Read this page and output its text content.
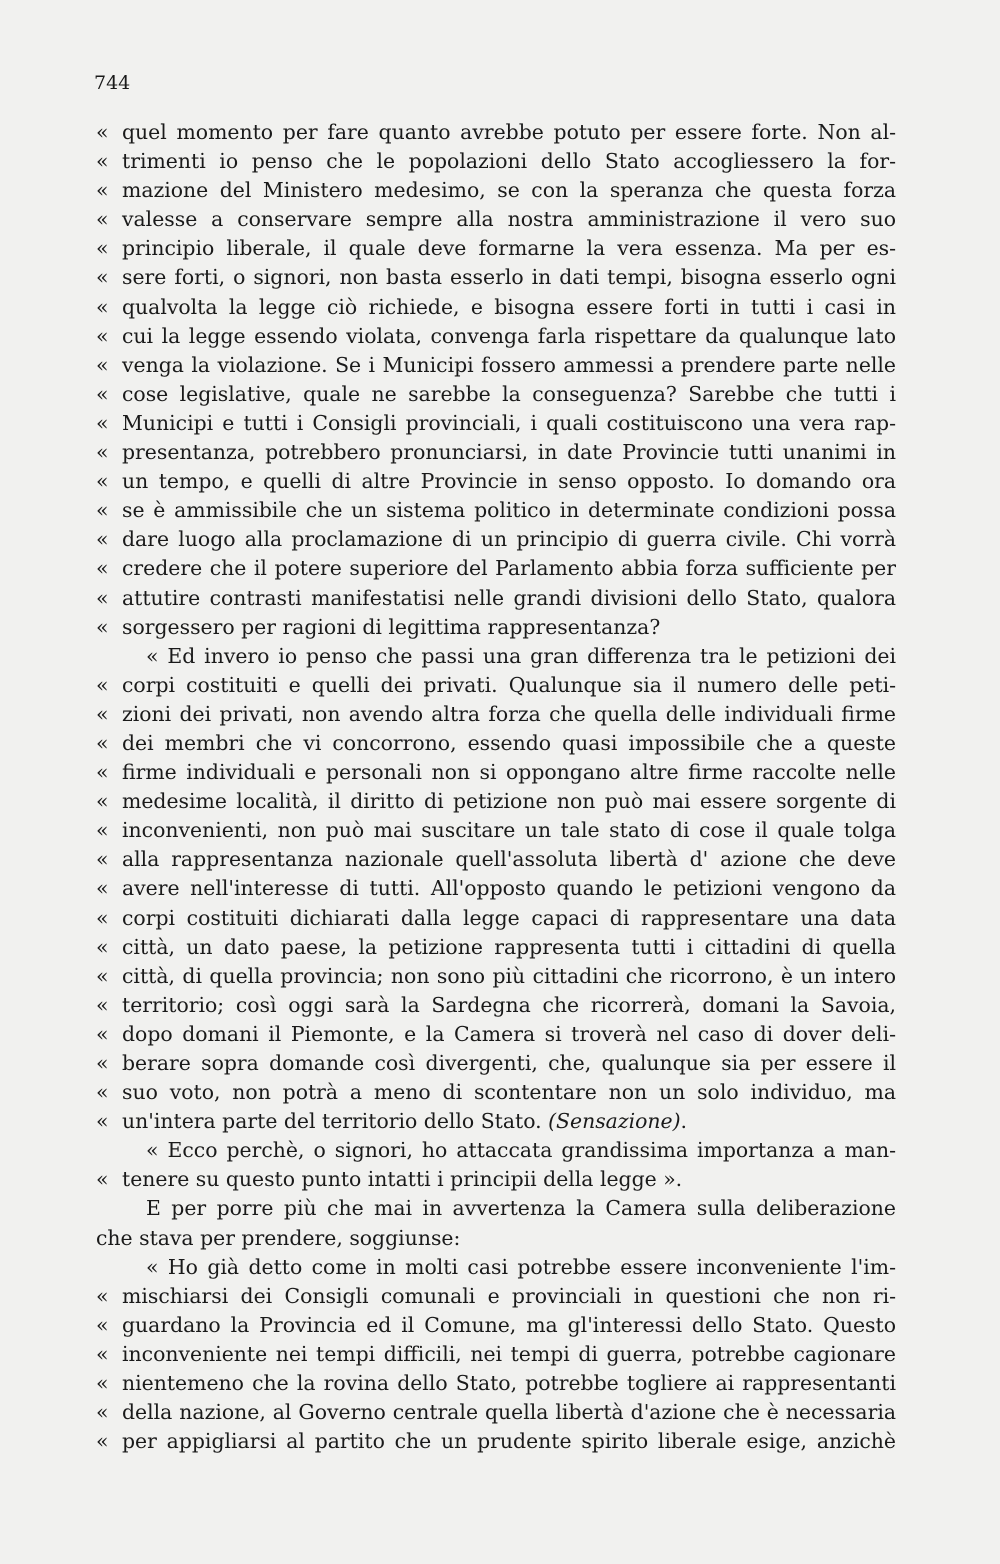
744
« quel momento per fare quanto avrebbe potuto per essere forte. Non al-
« trimenti io penso che le popolazioni dello Stato accogliessero la for-
« mazione del Ministero medesimo, se con la speranza che questa forza
« valesse a conservare sempre alla nostra amministrazione il vero suo
« principio liberale, il quale deve formarne la vera essenza. Ma per es-
« sere forti, o signori, non basta esserlo in dati tempi, bisogna esserlo ogni
« qualvolta la legge ciò richiede, e bisogna essere forti in tutti i casi in
« cui la legge essendo violata, convenga farla rispettare da qualunque lato
« venga la violazione. Se i Municipi fossero ammessi a prendere parte nelle
« cose legislative, quale ne sarebbe la conseguenza? Sarebbe che tutti i
« Municipi e tutti i Consigli provinciali, i quali costituiscono una vera rap-
« presentanza, potrebbero pronunciarsi, in date Provincie tutti unanimi in
« un tempo, e quelli di altre Provincie in senso opposto. Io domando ora
« se è ammissibile che un sistema politico in determinate condizioni possa
« dare luogo alla proclamazione di un principio di guerra civile. Chi vorrà
« credere che il potere superiore del Parlamento abbia forza sufficiente per
« attutire contrasti manifestatisi nelle grandi divisioni dello Stato, qualora
« sorgessero per ragioni di legittima rappresentanza?
« Ed invero io penso che passi una gran differenza tra le petizioni dei
« corpi costituiti e quelli dei privati. Qualunque sia il numero delle peti-
« zioni dei privati, non avendo altra forza che quella delle individuali firme
« dei membri che vi concorrono, essendo quasi impossibile che a queste
« firme individuali e personali non si oppongano altre firme raccolte nelle
« medesime località, il diritto di petizione non può mai essere sorgente di
« inconvenienti, non può mai suscitare un tale stato di cose il quale tolga
« alla rappresentanza nazionale quell'assoluta libertà d' azione che deve
« avere nell'interesse di tutti. All'opposto quando le petizioni vengono da
« corpi costituiti dichiarati dalla legge capaci di rappresentare una data
« città, un dato paese, la petizione rappresenta tutti i cittadini di quella
« città, di quella provincia; non sono più cittadini che ricorrono, è un intero
« territorio; così oggi sarà la Sardegna che ricorrerà, domani la Savoia,
« dopo domani il Piemonte, e la Camera si troverà nel caso di dover deli-
« berare sopra domande così divergenti, che, qualunque sia per essere il
« suo voto, non potrà a meno di scontentare non un solo individuo, ma
« un'intera parte del territorio dello Stato. (Sensazione).
« Ecco perchè, o signori, ho attaccata grandissima importanza a man-
« tenere su questo punto intatti i principii della legge ».
E per porre più che mai in avvertenza la Camera sulla deliberazione
che stava per prendere, soggiunse:
« Ho già detto come in molti casi potrebbe essere inconveniente l'im-
« mischiarsi dei Consigli comunali e provinciali in questioni che non ri-
« guardano la Provincia ed il Comune, ma gl'interessi dello Stato. Questo
« inconveniente nei tempi difficili, nei tempi di guerra, potrebbe cagionare
« nientemeno che la rovina dello Stato, potrebbe togliere ai rappresentanti
« della nazione, al Governo centrale quella libertà d'azione che è necessaria
« per appigliarsi al partito che un prudente spirito liberale esige, anzichè
